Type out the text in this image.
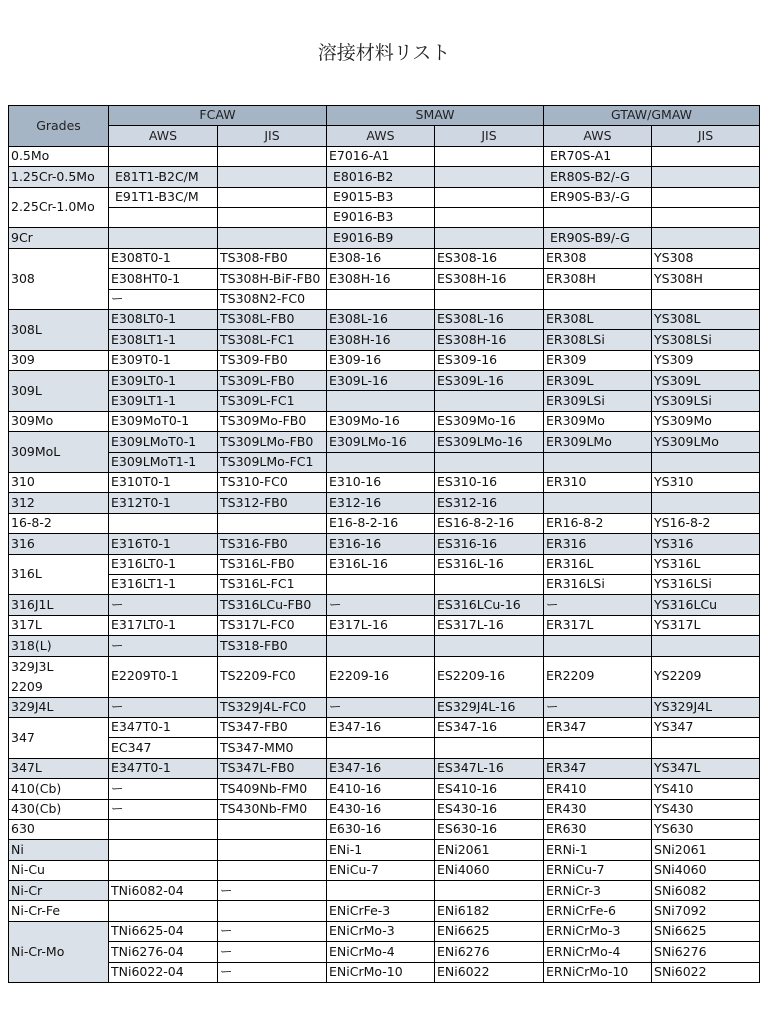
溶接材料リスト
Grades	FCAW		SMAW		GTAW/GMAW	
	AWS	JIS	AWS	JIS	AWS	JIS
0.5Mo			E7016-A1		ER70S-A1	
1.25Cr-0.5Mo	E81T1-B2C/M		E8016-B2		ER80S-B2/-G	
2.25Cr-1.0Mo	E91T1-B3C/M		E9015-B3		ER90S-B3/-G	
			E9016-B3			
9Cr			E9016-B9		ER90S-B9/-G	
308	E308T0-1	TS308-FB0	E308-16	ES308-16	ER308	YS308
	E308HT0-1	TS308H-BiF-FB0	E308H-16	ES308H-16	ER308H	YS308H
	ー	TS308N2-FC0				
308L	E308LT0-1	TS308L-FB0	E308L-16	ES308L-16	ER308L	YS308L
	E308LT1-1	TS308L-FC1	E308H-16	ES308H-16	ER308LSi	YS308LSi
309	E309T0-1	TS309-FB0	E309-16	ES309-16	ER309	YS309
309L	E309LT0-1	TS309L-FB0	E309L-16	ES309L-16	ER309L	YS309L
	E309LT1-1	TS309L-FC1			ER309LSi	YS309LSi
309Mo	E309MoT0-1	TS309Mo-FB0	E309Mo-16	ES309Mo-16	ER309Mo	YS309Mo
309MoL	E309LMoT0-1	TS309LMo-FB0	E309LMo-16	ES309LMo-16	ER309LMo	YS309LMo
	E309LMoT1-1	TS309LMo-FC1				
310	E310T0-1	TS310-FC0	E310-16	ES310-16	ER310	YS310
312	E312T0-1	TS312-FB0	E312-16	ES312-16		
16-8-2			E16-8-2-16	ES16-8-2-16	ER16-8-2	YS16-8-2
316	E316T0-1	TS316-FB0	E316-16	ES316-16	ER316	YS316
316L	E316LT0-1	TS316L-FB0	E316L-16	ES316L-16	ER316L	YS316L
	E316LT1-1	TS316L-FC1			ER316LSi	YS316LSi
316J1L	ー	TS316LCu-FB0	ー	ES316LCu-16	ー	YS316LCu
317L	E317LT0-1	TS317L-FC0	E317L-16	ES317L-16	ER317L	YS317L
318(L)	ー	TS318-FB0				
329J3L
2209	E2209T0-1	TS2209-FC0	E2209-16	ES2209-16	ER2209	YS2209
329J4L	ー	TS329J4L-FC0	ー	ES329J4L-16	ー	YS329J4L
347	E347T0-1	TS347-FB0	E347-16	ES347-16	ER347	YS347
	EC347	TS347-MM0				
347L	E347T0-1	TS347L-FB0	E347-16	ES347L-16	ER347	YS347L
410(Cb)	ー	TS409Nb-FM0	E410-16	ES410-16	ER410	YS410
430(Cb)	ー	TS430Nb-FM0	E430-16	ES430-16	ER430	YS430
630			E630-16	ES630-16	ER630	YS630
Ni			ENi-1	ENi2061	ERNi-1	SNi2061
Ni-Cu			ENiCu-7	ENi4060	ERNiCu-7	SNi4060
Ni-Cr	TNi6082-04	ー			ERNiCr-3	SNi6082
Ni-Cr-Fe			ENiCrFe-3	ENi6182	ERNiCrFe-6	SNi7092
Ni-Cr-Mo	TNi6625-04	ー	ENiCrMo-3	ENi6625	ERNiCrMo-3	SNi6625
	TNi6276-04	ー	ENiCrMo-4	ENi6276	ERNiCrMo-4	SNi6276
	TNi6022-04	ー	ENiCrMo-10	ENi6022	ERNiCrMo-10	SNi6022
